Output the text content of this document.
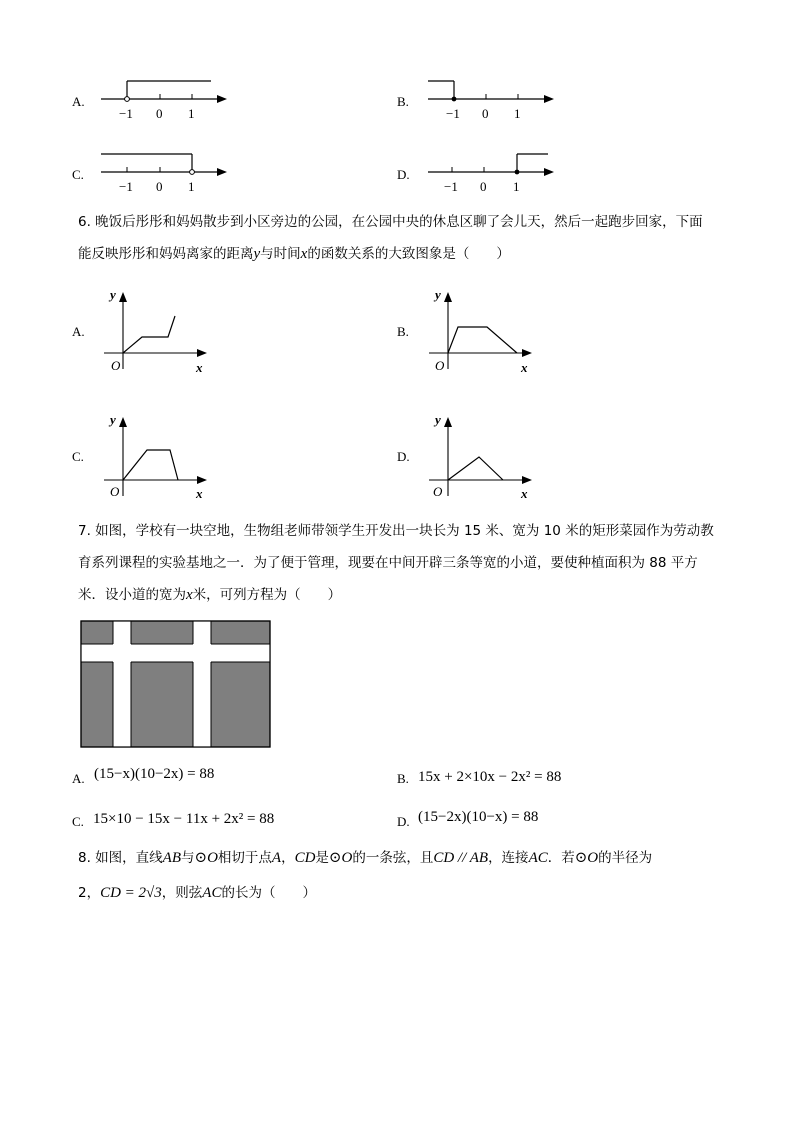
A.
−1 0 1
B.
−1 0 1
C.
−1 0 1
D.
−1 0 1
6. 晚饭后彤彤和妈妈散步到小区旁边的公园，在公园中央的休息区聊了会儿天，然后一起跑步回家，下面
能反映彤彤和妈妈离家的距离y与时间x的函数关系的大致图象是（　　）
A.
y
O	x
B.
y
O	x
C.
y
O	x
D.
y
O	x
7. 如图，学校有一块空地，生物组老师带领学生开发出一块长为 15 米、宽为 10 米的矩形菜园作为劳动教
育系列课程的实验基地之一．为了便于管理，现要在中间开辟三条等宽的小道，要使种植面积为 88 平方
米．设小道的宽为x米，可列方程为（　　）
A. (15−x)(10−2x) = 88	B. 15x + 2×10x − 2x² = 88
C. 15×10 − 15x − 11x + 2x² = 88	D. (15−2x)(10−x) = 88
8. 如图，直线AB与⊙O相切于点A，CD是⊙O的一条弦，且CD // AB，连接AC．若⊙O的半径为
2，CD = 2√3，则弦AC的长为（　　）
